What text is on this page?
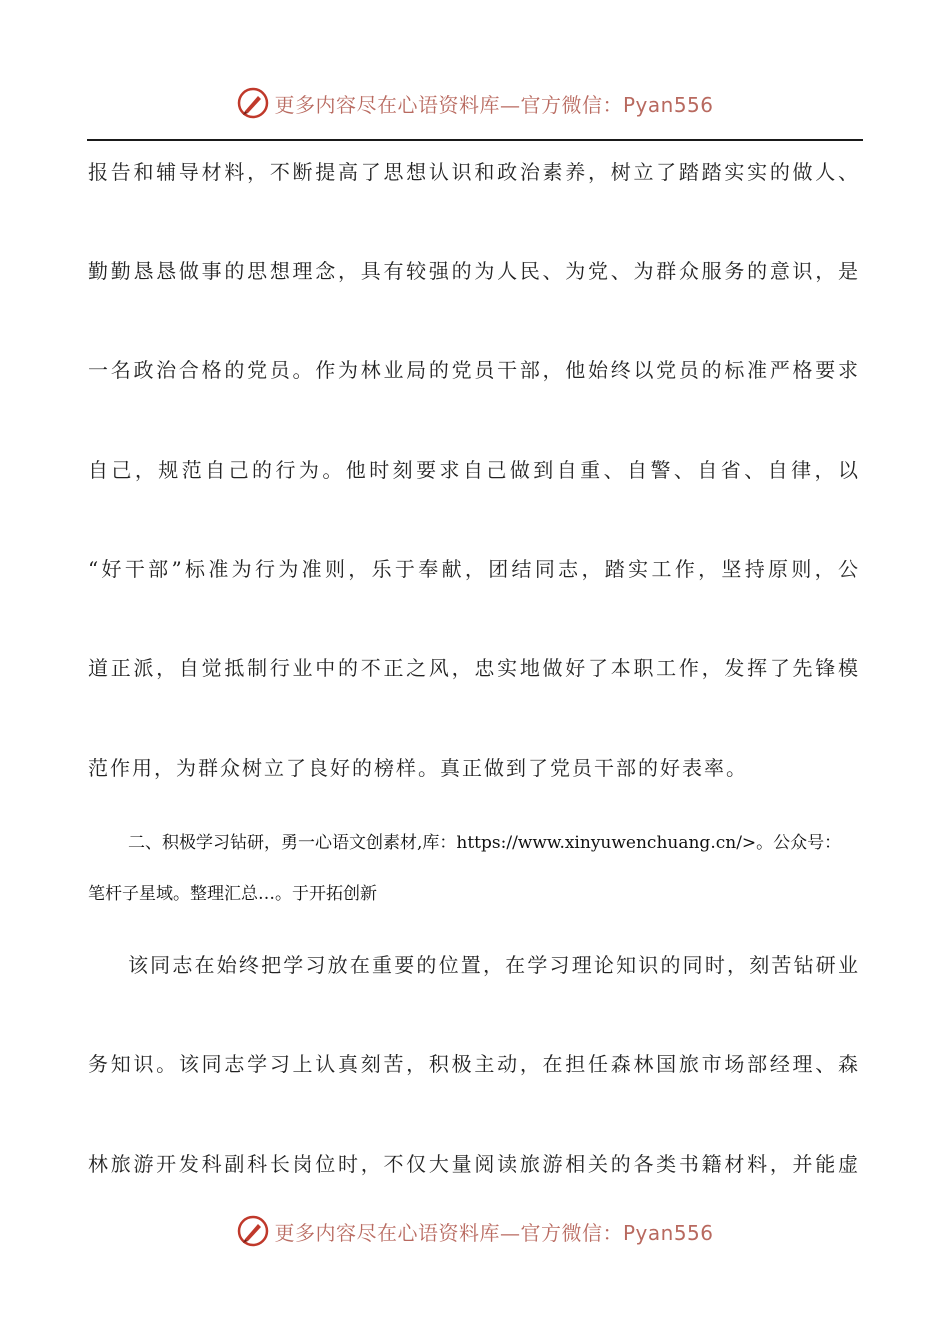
更多内容尽在心语资料库—官方微信：Pyan556
报告和辅导材料，不断提高了思想认识和政治素养，树立了踏踏实实的做人、
勤勤恳恳做事的思想理念，具有较强的为人民、为党、为群众服务的意识，是
一名政治合格的党员。作为林业局的党员干部，他始终以党员的标准严格要求
自己，规范自己的行为。他时刻要求自己做到自重、自警、自省、自律，以
“好干部”标准为行为准则，乐于奉献，团结同志，踏实工作，坚持原则，公
道正派，自觉抵制行业中的不正之风，忠实地做好了本职工作，发挥了先锋模
范作用，为群众树立了良好的榜样。真正做到了党员干部的好表率。
二、积极学习钻研，勇一心语文创素材,库：https://www.xinyuwenchuang.cn/>。公众号：
笔杆子星域。整理汇总…。于开拓创新
该同志在始终把学习放在重要的位置，在学习理论知识的同时，刻苦钻研业
务知识。该同志学习上认真刻苦，积极主动，在担任森林国旅市场部经理、森
林旅游开发科副科长岗位时，不仅大量阅读旅游相关的各类书籍材料，并能虚
更多内容尽在心语资料库—官方微信：Pyan556
